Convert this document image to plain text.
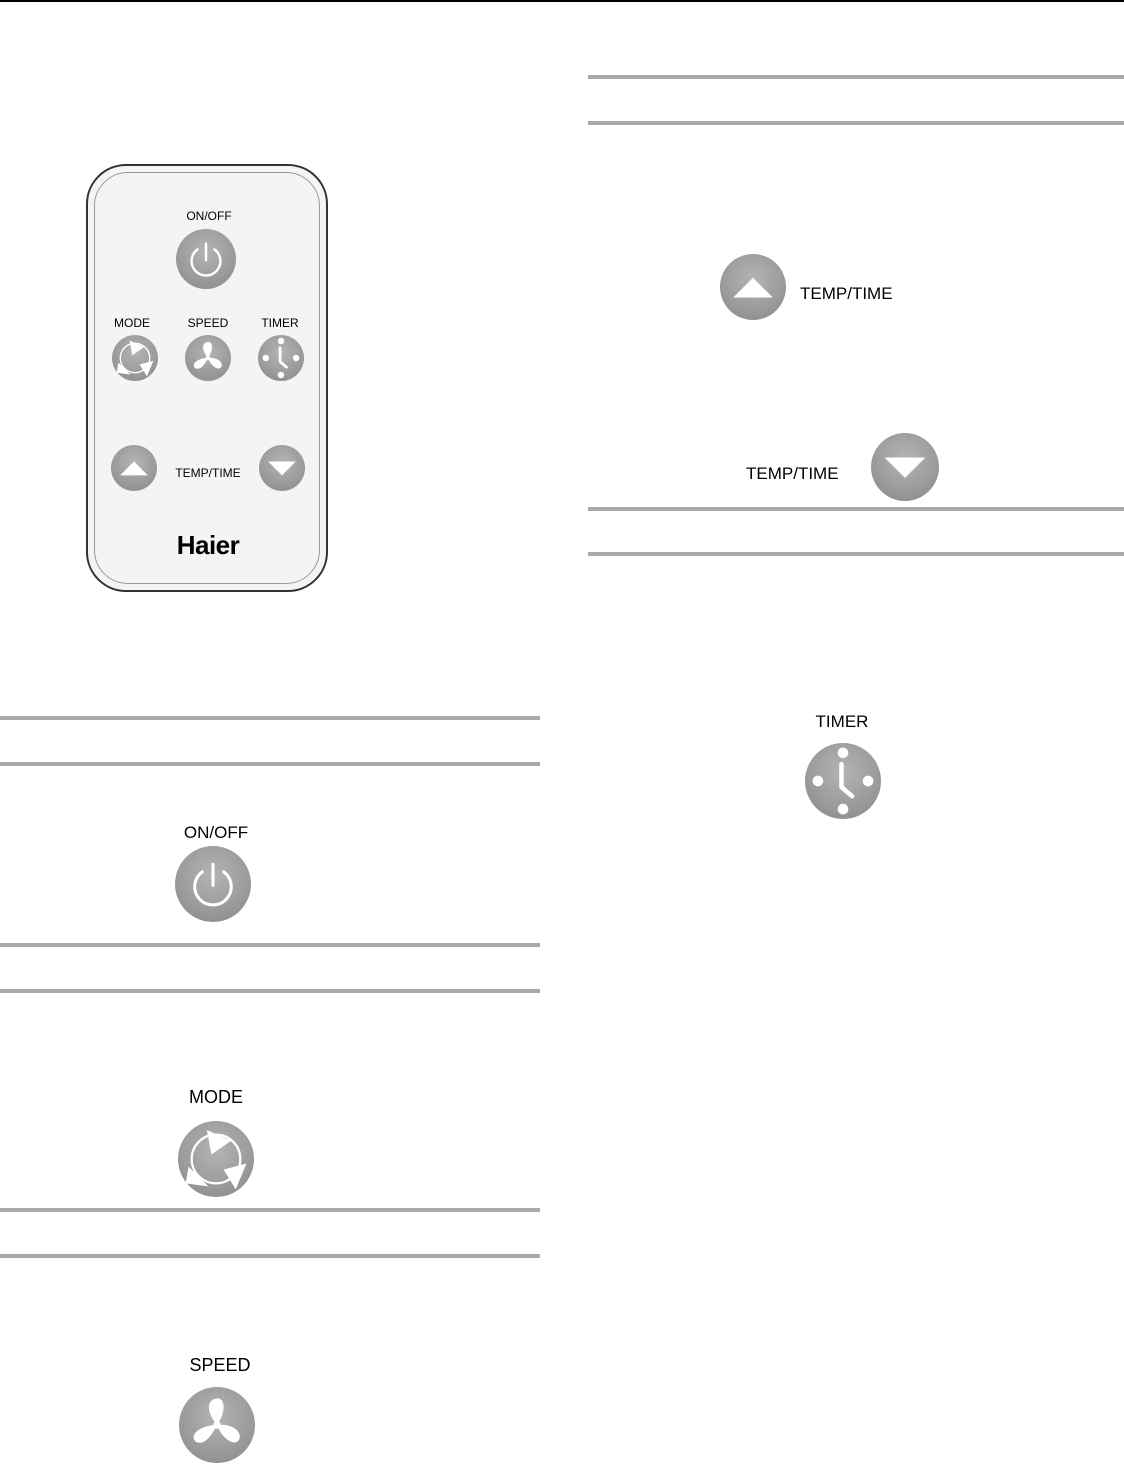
ON/OFF
MODE	SPEED	TIMER
TEMP/TIME
Haier
ON/OFF
MODE
SPEED
TEMP/TIME
TEMP/TIME
TIMER
